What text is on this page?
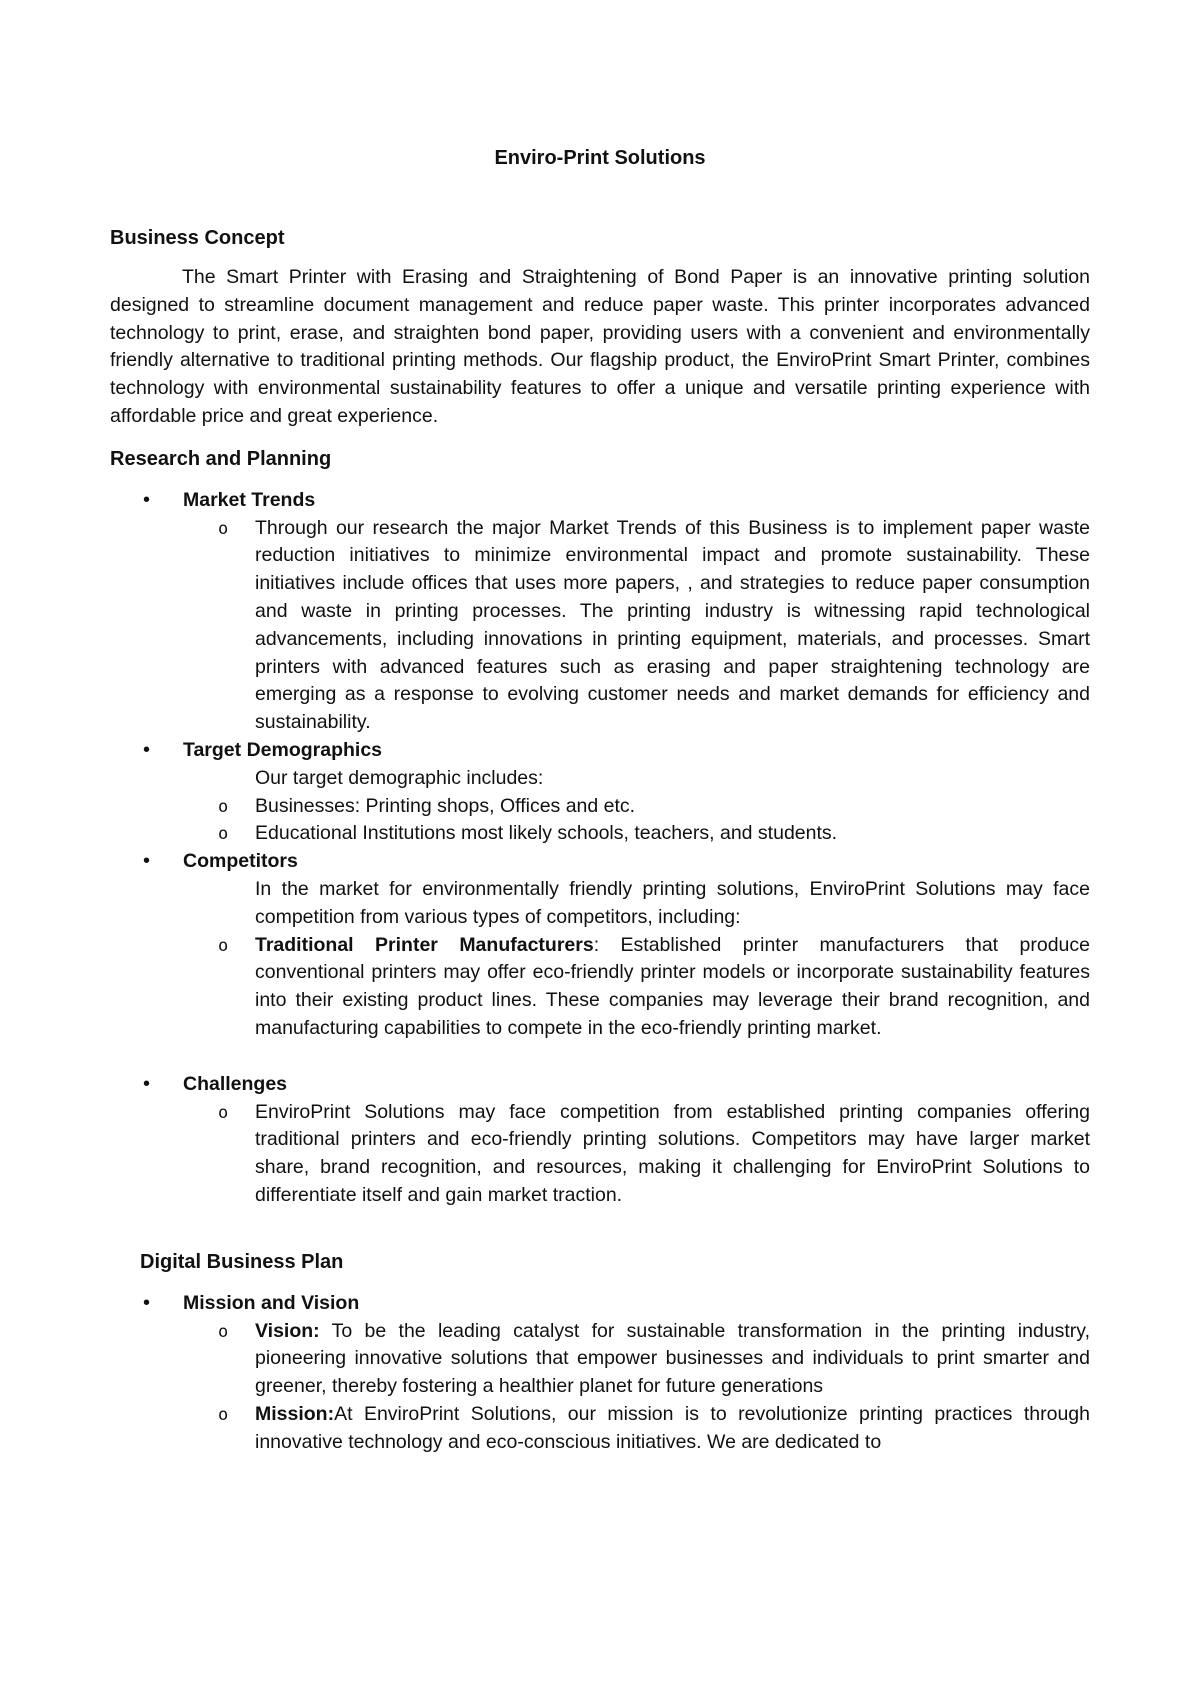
Enviro-Print Solutions
Business Concept

The Smart Printer with Erasing and Straightening of Bond Paper is an innovative printing solution designed to streamline document management and reduce paper waste. This printer incorporates advanced technology to print, erase, and straighten bond paper, providing users with a convenient and environmentally friendly alternative to traditional printing methods. Our flagship product, the EnviroPrint Smart Printer, combines technology with environmental sustainability features to offer a unique and versatile printing experience with affordable price and great experience.

Research and Planning
• Market Trends
o Through our research the major Market Trends of this Business is to implement paper waste reduction initiatives to minimize environmental impact and promote sustainability. These initiatives include offices that uses more papers, , and strategies to reduce paper consumption and waste in printing processes. The printing industry is witnessing rapid technological advancements, including innovations in printing equipment, materials, and processes. Smart printers with advanced features such as erasing and paper straightening technology are emerging as a response to evolving customer needs and market demands for efficiency and sustainability.
• Target Demographics
Our target demographic includes:
o Businesses: Printing shops, Offices and etc.
o Educational Institutions most likely schools, teachers, and students.
• Competitors
In the market for environmentally friendly printing solutions, EnviroPrint Solutions may face competition from various types of competitors, including:
o Traditional Printer Manufacturers: Established printer manufacturers that produce conventional printers may offer eco-friendly printer models or incorporate sustainability features into their existing product lines. These companies may leverage their brand recognition, and manufacturing capabilities to compete in the eco-friendly printing market.
• Challenges
o EnviroPrint Solutions may face competition from established printing companies offering traditional printers and eco-friendly printing solutions. Competitors may have larger market share, brand recognition, and resources, making it challenging for EnviroPrint Solutions to differentiate itself and gain market traction.
Digital Business Plan
• Mission and Vision
o Vision: To be the leading catalyst for sustainable transformation in the printing industry, pioneering innovative solutions that empower businesses and individuals to print smarter and greener, thereby fostering a healthier planet for future generations
o Mission:At EnviroPrint Solutions, our mission is to revolutionize printing practices through innovative technology and eco-conscious initiatives. We are dedicated to
